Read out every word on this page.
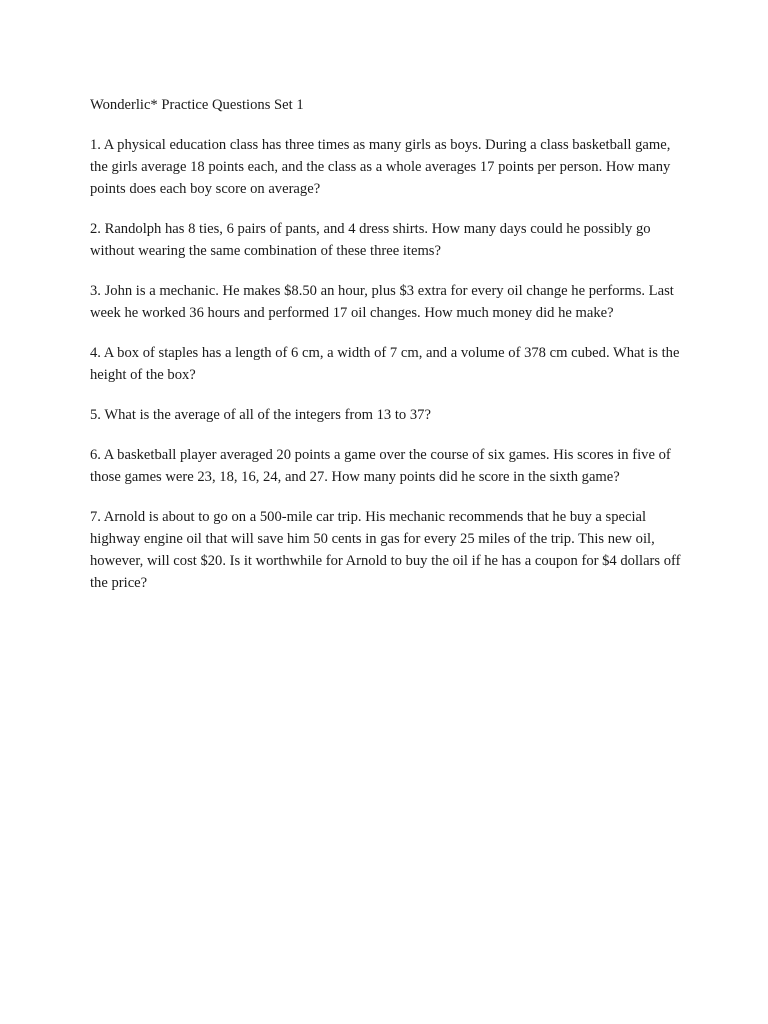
Wonderlic* Practice Questions Set 1

1. A physical education class has three times as many girls as boys. During a class basketball game, the girls average 18 points each, and the class as a whole averages 17 points per person. How many points does each boy score on average?

2. Randolph has 8 ties, 6 pairs of pants, and 4 dress shirts. How many days could he possibly go without wearing the same combination of these three items?

3. John is a mechanic. He makes $8.50 an hour, plus $3 extra for every oil change he performs. Last week he worked 36 hours and performed 17 oil changes. How much money did he make?

4. A box of staples has a length of 6 cm, a width of 7 cm, and a volume of 378 cm cubed. What is the height of the box?

5. What is the average of all of the integers from 13 to 37?

6. A basketball player averaged 20 points a game over the course of six games. His scores in five of those games were 23, 18, 16, 24, and 27. How many points did he score in the sixth game?

7. Arnold is about to go on a 500-mile car trip. His mechanic recommends that he buy a special highway engine oil that will save him 50 cents in gas for every 25 miles of the trip. This new oil, however, will cost $20. Is it worthwhile for Arnold to buy the oil if he has a coupon for $4 dollars off the price?
